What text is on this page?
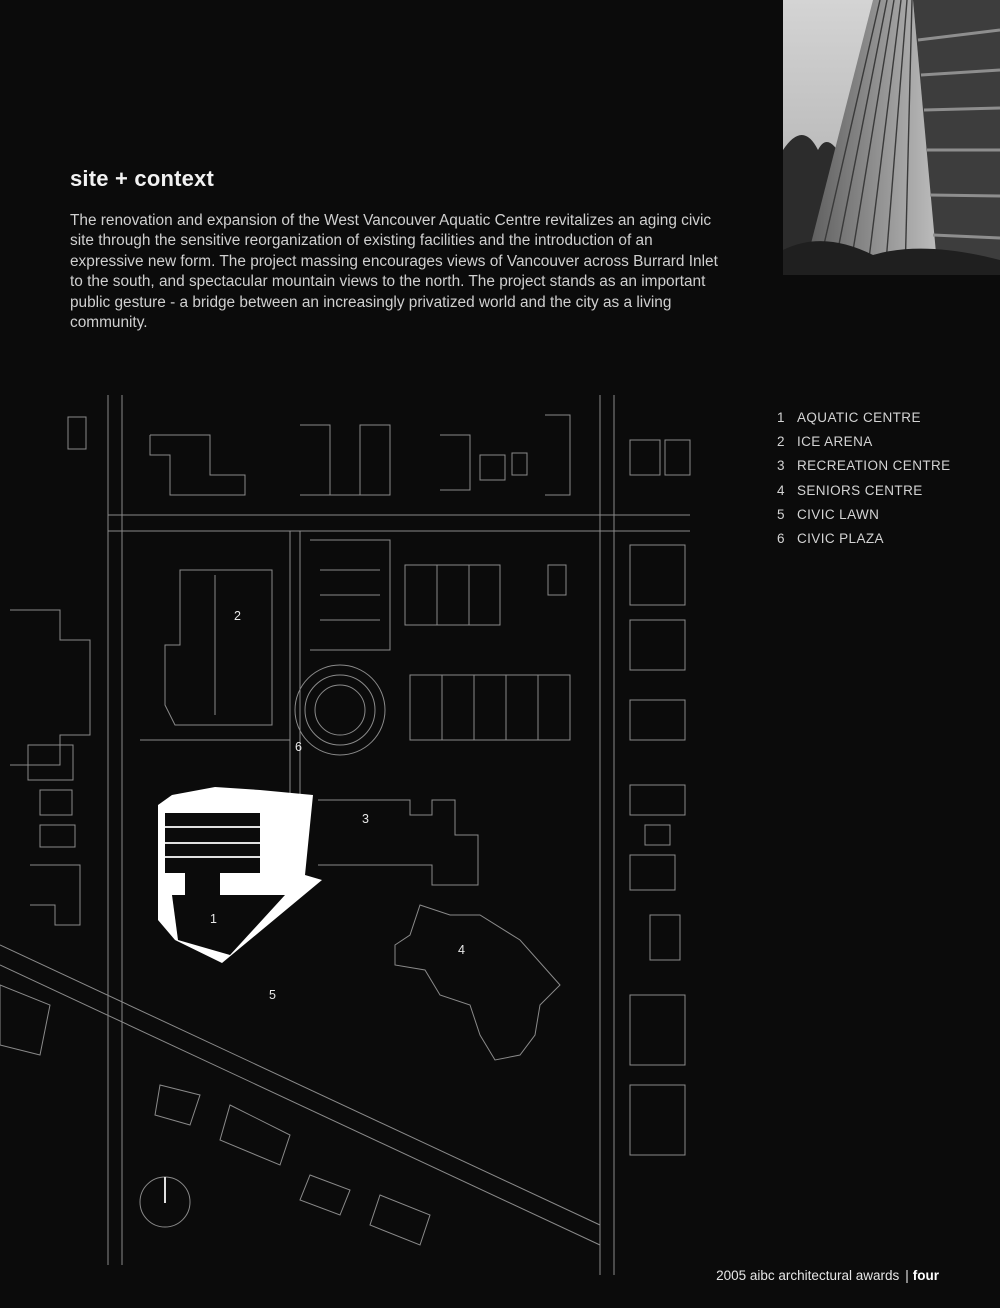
site + context

The renovation and expansion of the West Vancouver Aquatic Centre revitalizes an aging civic site through the sensitive reorganization of existing facilities and the introduction of an expressive new form. The project massing encourages views of Vancouver across Burrard Inlet to the south, and spectacular mountain views to the north. The project stands as an important public gesture - a bridge between an increasingly privatized world and the city as a living community.

1
2
3
4
5
6
1 AQUATIC CENTRE
2 ICE ARENA
3 RECREATION CENTRE
4 SENIORS CENTRE
5 CIVIC LAWN
6 CIVIC PLAZA
2005 aibc architectural awards | four
